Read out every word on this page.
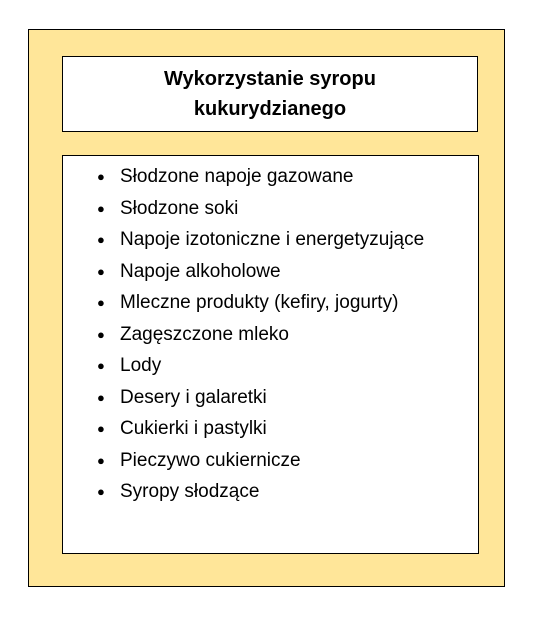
Wykorzystanie syropu kukurydzianego
● Słodzone napoje gazowane
● Słodzone soki
● Napoje izotoniczne i energetyzujące
● Napoje alkoholowe
● Mleczne produkty (kefiry, jogurty)
● Zagęszczone mleko
● Lody
● Desery i galaretki
● Cukierki i pastylki
● Pieczywo cukiernicze
● Syropy słodzące
